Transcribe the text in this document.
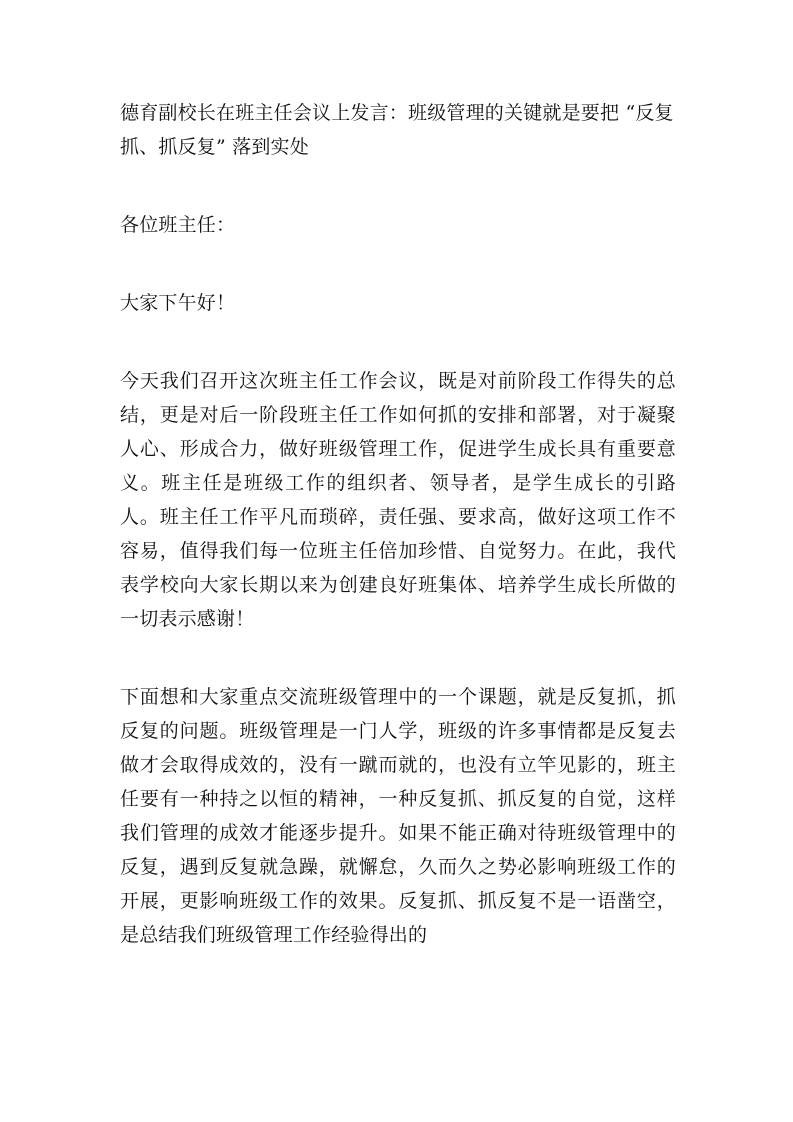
德育副校长在班主任会议上发言：班级管理的关键就是要把 “反复抓、抓反复” 落到实处

各位班主任：

大家下午好！

今天我们召开这次班主任工作会议，既是对前阶段工作得失的总结，更是对后一阶段班主任工作如何抓的安排和部署，对于凝聚人心、形成合力，做好班级管理工作，促进学生成长具有重要意义。班主任是班级工作的组织者、领导者，是学生成长的引路人。班主任工作平凡而琐碎，责任强、要求高，做好这项工作不容易，值得我们每一位班主任倍加珍惜、自觉努力。在此，我代表学校向大家长期以来为创建良好班集体、培养学生成长所做的一切表示感谢！

下面想和大家重点交流班级管理中的一个课题，就是反复抓，抓反复的问题。班级管理是一门人学，班级的许多事情都是反复去做才会取得成效的，没有一蹴而就的，也没有立竿见影的，班主任要有一种持之以恒的精神，一种反复抓、抓反复的自觉，这样我们管理的成效才能逐步提升。如果不能正确对待班级管理中的反复，遇到反复就急躁，就懈怠，久而久之势必影响班级工作的开展，更影响班级工作的效果。反复抓、抓反复不是一语凿空，是总结我们班级管理工作经验得出的
